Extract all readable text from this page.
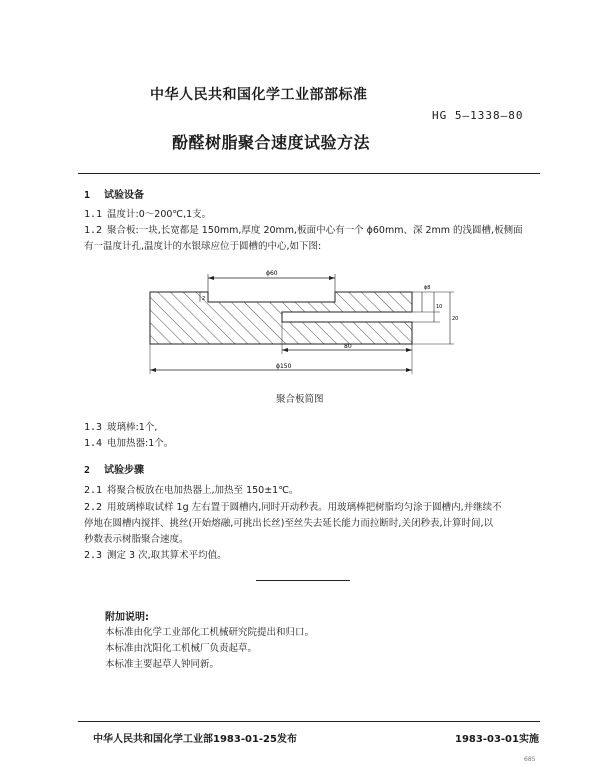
中华人民共和国化学工业部部标准
HG 5—1338—80
酚醛树脂聚合速度试验方法
1 试验设备
1.1 温度计:0～200℃,1支。
1.2 聚合板:一块,长宽都是 150mm,厚度 20mm,板面中心有一个 ϕ60mm、深 2mm 的浅圆槽,板侧面
有一温度计孔,温度计的水银球应位于圆槽的中心,如下图:
ϕ60
2
ϕ8
10
20
80
ϕ150
聚合板简图
1.3 玻璃棒:1个,
1.4 电加热器:1个。
2 试验步骤
2.1 将聚合板放在电加热器上,加热至 150±1℃。
2.2 用玻璃棒取试样 1g 左右置于圆槽内,同时开动秒表。用玻璃棒把树脂均匀涂于圆槽内,并继续不
停地在圆槽内搅拌、挑丝(开始熔融,可挑出长丝)至丝失去延长能力而拉断时,关闭秒表,计算时间,以
秒数表示树脂聚合速度。
2.3 测定 3 次,取其算术平均值。
附加说明:
本标准由化学工业部化工机械研究院提出和归口。
本标准由沈阳化工机械厂负责起草。
本标准主要起草人钟同新。
中华人民共和国化学工业部1983-01-25发布	1983-03-01实施
685
